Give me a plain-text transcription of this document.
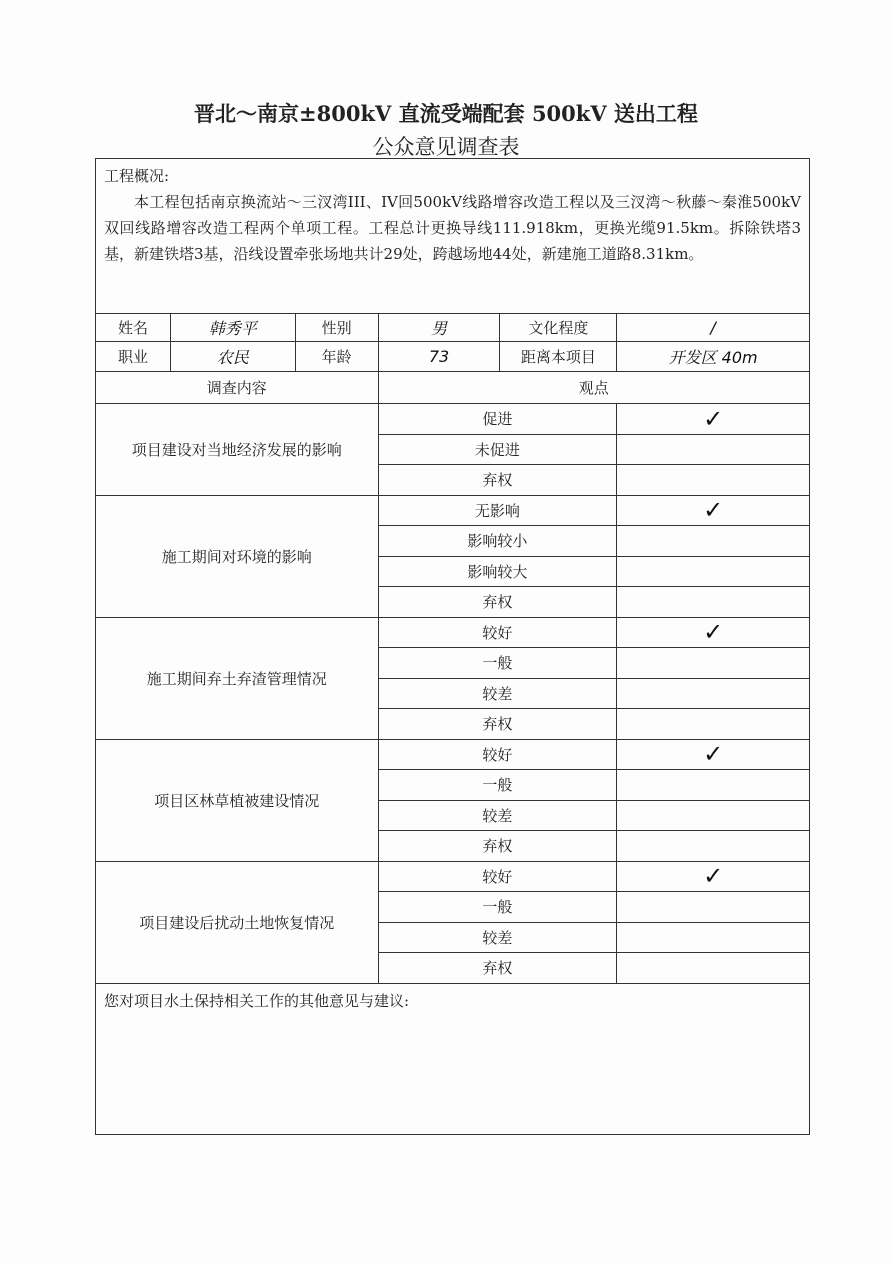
晋北～南京±800kV 直流受端配套 500kV 送出工程
公众意见调查表
工程概况:

本工程包括南京换流站～三汊湾III、IV回500kV线路增容改造工程以及三汊湾～秋藤～秦淮500kV双回线路增容改造工程两个单项工程。工程总计更换导线111.918km，更换光缆91.5km。拆除铁塔3基，新建铁塔3基，沿线设置牵张场地共计29处，跨越场地44处，新建施工道路8.31km。					

姓名	韩秀平	性别	男	文化程度	/
职业	农民	年龄	73	距离本项目	开发区 40m
调查内容			观点		
项目建设对当地经济发展的影响			促进		✓
			未促进		
			弃权		
施工期间对环境的影响			无影响		✓
			影响较小		
			影响较大		
			弃权		
施工期间弃土弃渣管理情况			较好		✓
			一般		
			较差		
			弃权		
项目区林草植被建设情况			较好		✓
			一般		
			较差		
			弃权		
项目建设后扰动土地恢复情况			较好		✓
			一般		
			较差		
			弃权		
您对项目水土保持相关工作的其他意见与建议:					
